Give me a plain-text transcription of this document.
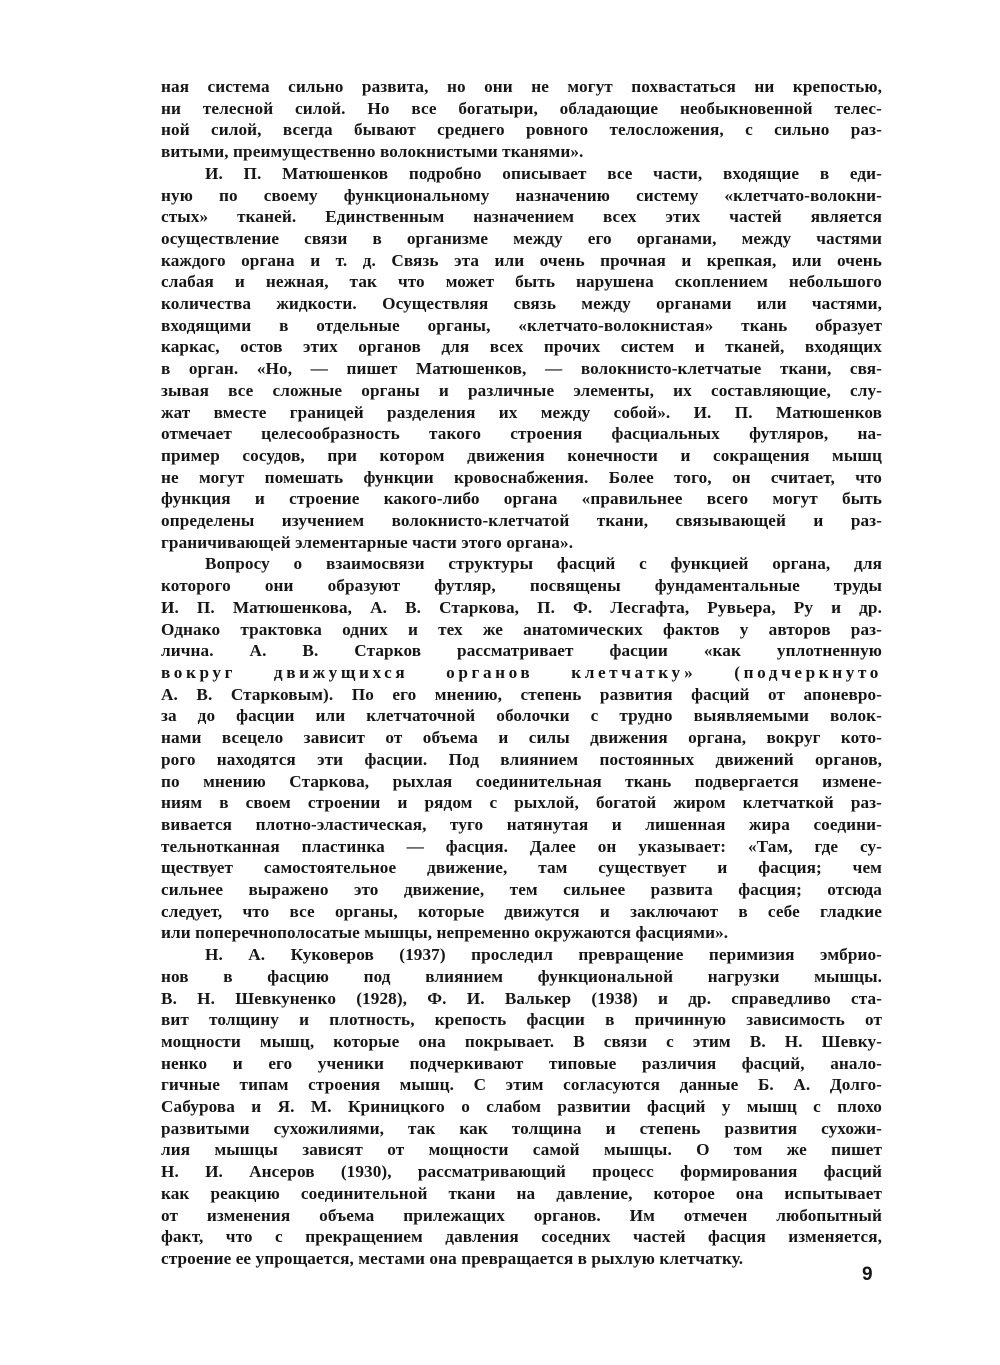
ная система сильно развита, но они не могут похвастаться ни крепостью,
ни телесной силой. Но все богатыри, обладающие необыкновенной телес-
ной силой, всегда бывают среднего ровного телосложения, с сильно раз-
витыми, преимущественно волокнистыми тканями».
И. П. Матюшенков подробно описывает все части, входящие в еди-
ную по своему функциональному назначению систему «клетчато-волокни-
стых» тканей. Единственным назначением всех этих частей является
осуществление связи в организме между его органами, между частями
каждого органа и т. д. Связь эта или очень прочная и крепкая, или очень
слабая и нежная, так что может быть нарушена скоплением небольшого
количества жидкости. Осуществляя связь между органами или частями,
входящими в отдельные органы, «клетчато-волокнистая» ткань образует
каркас, остов этих органов для всех прочих систем и тканей, входящих
в орган. «Но, — пишет Матюшенков, — волокнисто-клетчатые ткани, свя-
зывая все сложные органы и различные элементы, их составляющие, слу-
жат вместе границей разделения их между собой». И. П. Матюшенков
отмечает целесообразность такого строения фасциальных футляров, на-
пример сосудов, при котором движения конечности и сокращения мышц
не могут помешать функции кровоснабжения. Более того, он считает, что
функция и строение какого-либо органа «правильнее всего могут быть
определены изучением волокнисто-клетчатой ткани, связывающей и раз-
граничивающей элементарные части этого органа».
Вопросу о взаимосвязи структуры фасций с функцией органа, для
которого они образуют футляр, посвящены фундаментальные труды
И. П. Матюшенкова, А. В. Старкова, П. Ф. Лесгафта, Рувьера, Ру и др.
Однако трактовка одних и тех же анатомических фактов у авторов раз-
лична. А. В. Старков рассматривает фасции «как уплотненную
вокруг движущихся органов клетчатку» (подчеркнуто
А. В. Старковым). По его мнению, степень развития фасций от апоневро-
за до фасции или клетчаточной оболочки с трудно выявляемыми волок-
нами всецело зависит от объема и силы движения органа, вокруг кото-
рого находятся эти фасции. Под влиянием постоянных движений органов,
по мнению Старкова, рыхлая соединительная ткань подвергается измене-
ниям в своем строении и рядом с рыхлой, богатой жиром клетчаткой раз-
вивается плотно-эластическая, туго натянутая и лишенная жира соедини-
тельнотканная пластинка — фасция. Далее он указывает: «Там, где су-
ществует самостоятельное движение, там существует и фасция; чем
сильнее выражено это движение, тем сильнее развита фасция; отсюда
следует, что все органы, которые движутся и заключают в себе гладкие
или поперечнополосатые мышцы, непременно окружаются фасциями».
Н. А. Куковеров (1937) проследил превращение перимизия эмбрио-
нов в фасцию под влиянием функциональной нагрузки мышцы.
В. Н. Шевкуненко (1928), Ф. И. Валькер (1938) и др. справедливо ста-
вит толщину и плотность, крепость фасции в причинную зависимость от
мощности мышц, которые она покрывает. В связи с этим В. Н. Шевку-
ненко и его ученики подчеркивают типовые различия фасций, анало-
гичные типам строения мышц. С этим согласуются данные Б. А. Долго-
Сабурова и Я. М. Криницкого о слабом развитии фасций у мышц с плохо
развитыми сухожилиями, так как толщина и степень развития сухожи-
лия мышцы зависят от мощности самой мышцы. О том же пишет
Н. И. Ансеров (1930), рассматривающий процесс формирования фасций
как реакцию соединительной ткани на давление, которое она испытывает
от изменения объема прилежащих органов. Им отмечен любопытный
факт, что с прекращением давления соседних частей фасция изменяется,
строение ее упрощается, местами она превращается в рыхлую клетчатку.
9
